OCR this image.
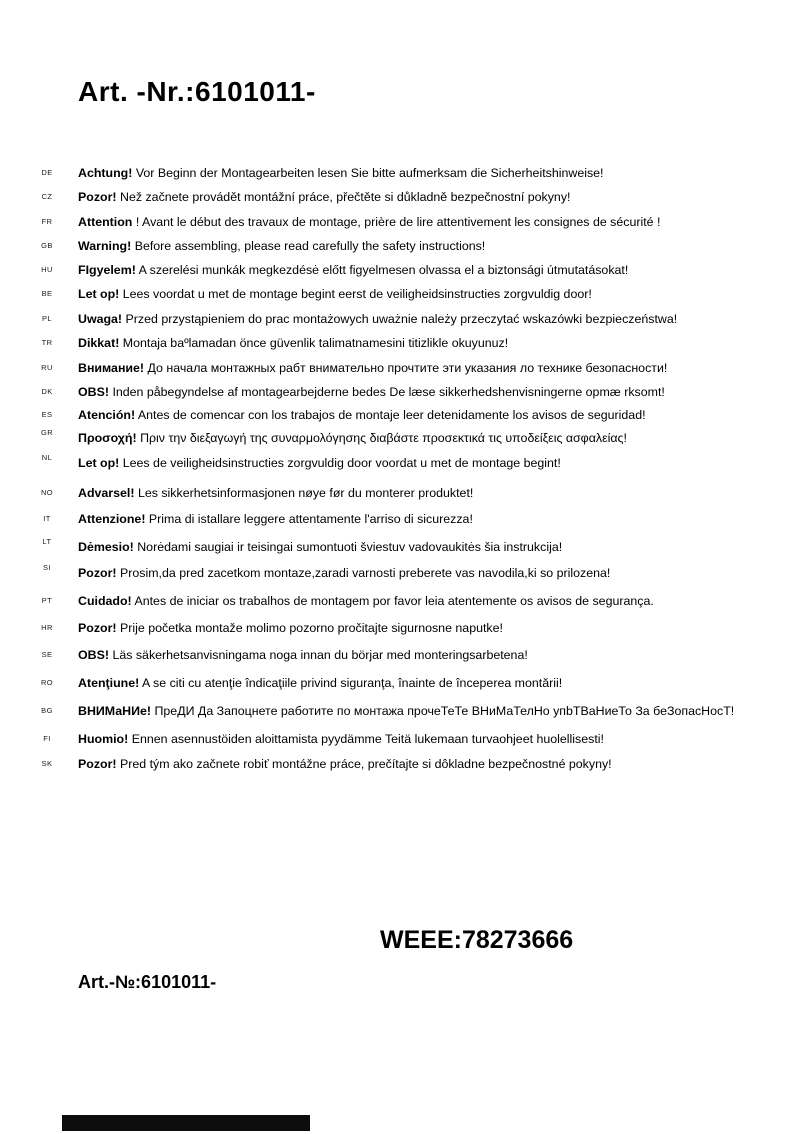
Art. -Nr.:6101011-
DE	Achtung! Vor Beginn der Montagearbeiten lesen Sie bitte aufmerksam die Sicherheitshinweise!
CZ	Pozor! Než začnete provádět montážní práce, přečtěte si důkladně bezpečnostní pokyny!
FR	Attention ! Avant le début des travaux de montage, prière de lire attentivement les consignes de sécurité !
GB	Warning! Before assembling, please read carefully the safety instructions!
HU	FIgyelem! A szerelési munkák megkezdésė előtt figyelmesen olvassa el a biztonsági útmutatásokat!
BE	Let op! Lees voordat u met de montage begint eerst de veiligheidsinstructies zorgvuldig door!
PL	Uwaga! Przed przystąpieniem do prac montażowych uważnie należy przeczytać wskazówki bezpieczeństwa!
TR	Dikkat! Montaja baºlamadan önce güvenlik talimatnamesini titizlikle okuyunuz!
RU	Внимание! До начала монтажных рабт внимательно прочтите эти указания ло технике безопасности!
DK	OBS! Inden påbegyndelse af montagearbejderne bedes De læse sikkerhedshenvisningerne opmæ rksomt!
ES	Atención! Antes de comencar con los trabajos de montaje leer detenidamente los avisos de seguridad!
GR	Προσοχή! Πριν την διεξαγωγή της συναρμολόγησης διαβάστε προσεκτικά τις υποδείξεις ασφαλείας!
NL	Let op! Lees de veiligheidsinstructies zorgvuldig door voordat u met de montage begint!
NO	Advarsel! Les sikkerhetsinformasjonen nøye før du monterer produktet!
IT	Attenzione! Prima di istallare leggere attentamente l'arriso di sicurezza!
LT	Dėmesio! Norėdami saugiai ir teisingai sumontuoti šviestuv vadovaukitės šia instrukcija!
SI	Pozor! Prosim,da pred zacetkom montaze,zaradi varnosti preberete vas navodila,ki so prilozena!
PT	Cuidado! Antes de iniciar os trabalhos de montagem por favor leia atentemente os avisos de segurança.
HR	Pozor! Prije početka montaže molimo pozorno pročitajte sigurnosne naputke!
SE	OBS! Läs säkerhetsanvisningama noga innan du börjar med monteringsarbetena!
RO	Atenţiune! A se citi cu atenţie îndicaţiile privind siguranţa, înainte de începerea montării!
BG	ВНИМаНИе! ПреДИ Да Запоцнете работите по монтажа прочеТеТе ВНиМаТелНо упbТВаНиеТо За беЗопасНосТ!
FI	Huomio! Ennen asennustöiden aloittamista pyydämme Teitä lukemaan turvaohjeet huolellisesti!
SK	Pozor! Pred tým ako začnete robiť montážne práce, prečítajte si dôkladne bezpečnostné pokyny!
WEEE:78273666
Art.-№:6101011-
